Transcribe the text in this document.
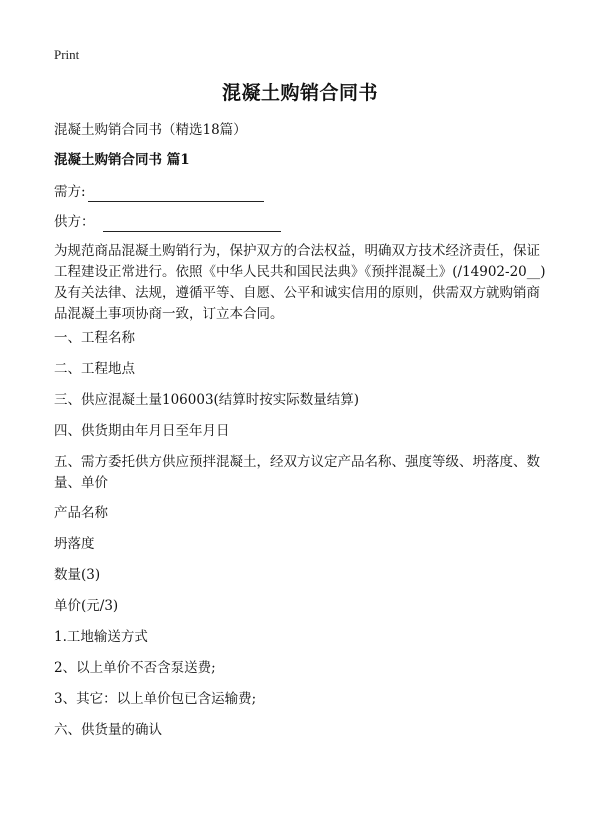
Print
混凝土购销合同书
混凝土购销合同书（精选18篇）
混凝土购销合同书 篇1
需方:
供方：
为规范商品混凝土购销行为，保护双方的合法权益，明确双方技术经济责任，保证
工程建设正常进行。依照《中华人民共和国民法典》《预拌混凝土》(/14902-20__)
及有关法律、法规，遵循平等、自愿、公平和诚实信用的原则，供需双方就购销商
品混凝土事项协商一致，订立本合同。
一、工程名称
二、工程地点
三、供应混凝土量106003(结算时按实际数量结算)
四、供货期由年月日至年月日
五、需方委托供方供应预拌混凝土，经双方议定产品名称、强度等级、坍落度、数
量、单价
产品名称
坍落度
数量(3)
单价(元/3)
1.工地输送方式
2、以上单价不否含泵送费;
3、其它：以上单价包已含运输费;
六、供货量的确认
